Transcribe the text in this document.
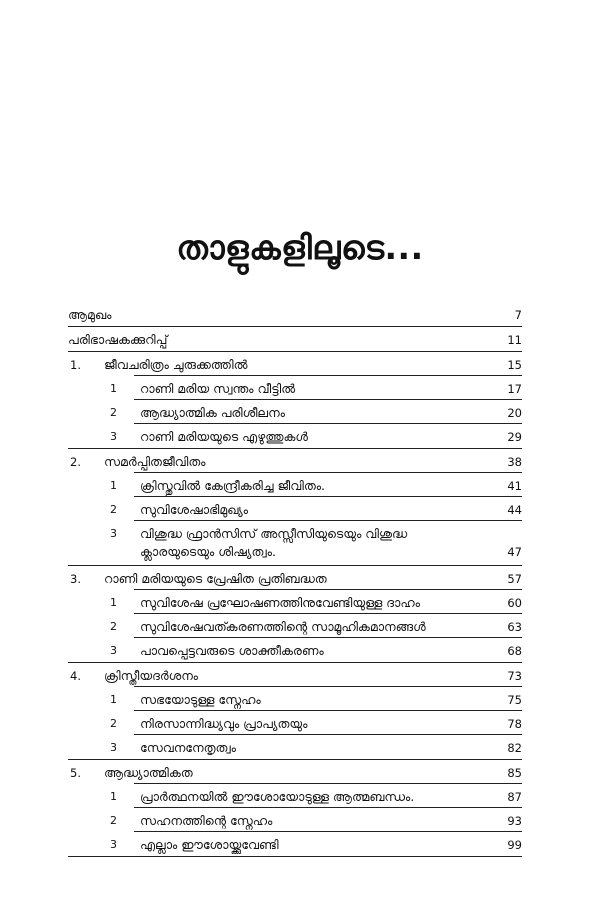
താളുകളിലൂടെ...
ആമുഖം	7
പരിഭാഷകക്കുറിപ്പ്	11
1.	ജീവചരിത്രം ചുരുക്കത്തിൽ	15
1	റാണി മരിയ സ്വന്തം വീട്ടിൽ	17
2	ആദ്ധ്യാത്മിക പരിശീലനം	20
3	റാണി മരിയയുടെ എഴുത്തുകൾ	29
2.	സമർപ്പിതജീവിതം	38
1	ക്രിസ്തുവിൽ കേന്ദ്രീകരിച്ച ജീവിതം.	41
2	സുവിശേഷാഭിമുഖ്യം	44
3	വിശുദ്ധ ഫ്രാൻസിസ് അസ്സീസിയുടെയും വിശുദ്ധ ക്ലാരയുടെയും ശിഷ്യത്വം.	47
3.	റാണി മരിയയുടെ പ്രേഷിത പ്രതിബദ്ധത	57
1	സുവിശേഷ പ്രഘോഷണത്തിനുവേണ്ടിയുള്ള ദാഹം	60
2	സുവിശേഷവത്കരണത്തിന്റെ സാമൂഹികമാനങ്ങൾ	63
3	പാവപ്പെട്ടവരുടെ ശാക്തീകരണം	68
4.	ക്രിസ്തീയദർശനം	73
1	സഭയോടുള്ള സ്നേഹം	75
2	നിരസാന്നിദ്ധ്യവും പ്രാപ്യതയും	78
3	സേവനനേതൃത്വം	82
5.	ആദ്ധ്യാത്മികത	85
1	പ്രാർത്ഥനയിൽ ഈശോയോടുള്ള ആത്മബന്ധം.	87
2	സഹനത്തിന്റെ സ്നേഹം	93
3	എല്ലാം ഈശോയ്ക്കുവേണ്ടി	99
